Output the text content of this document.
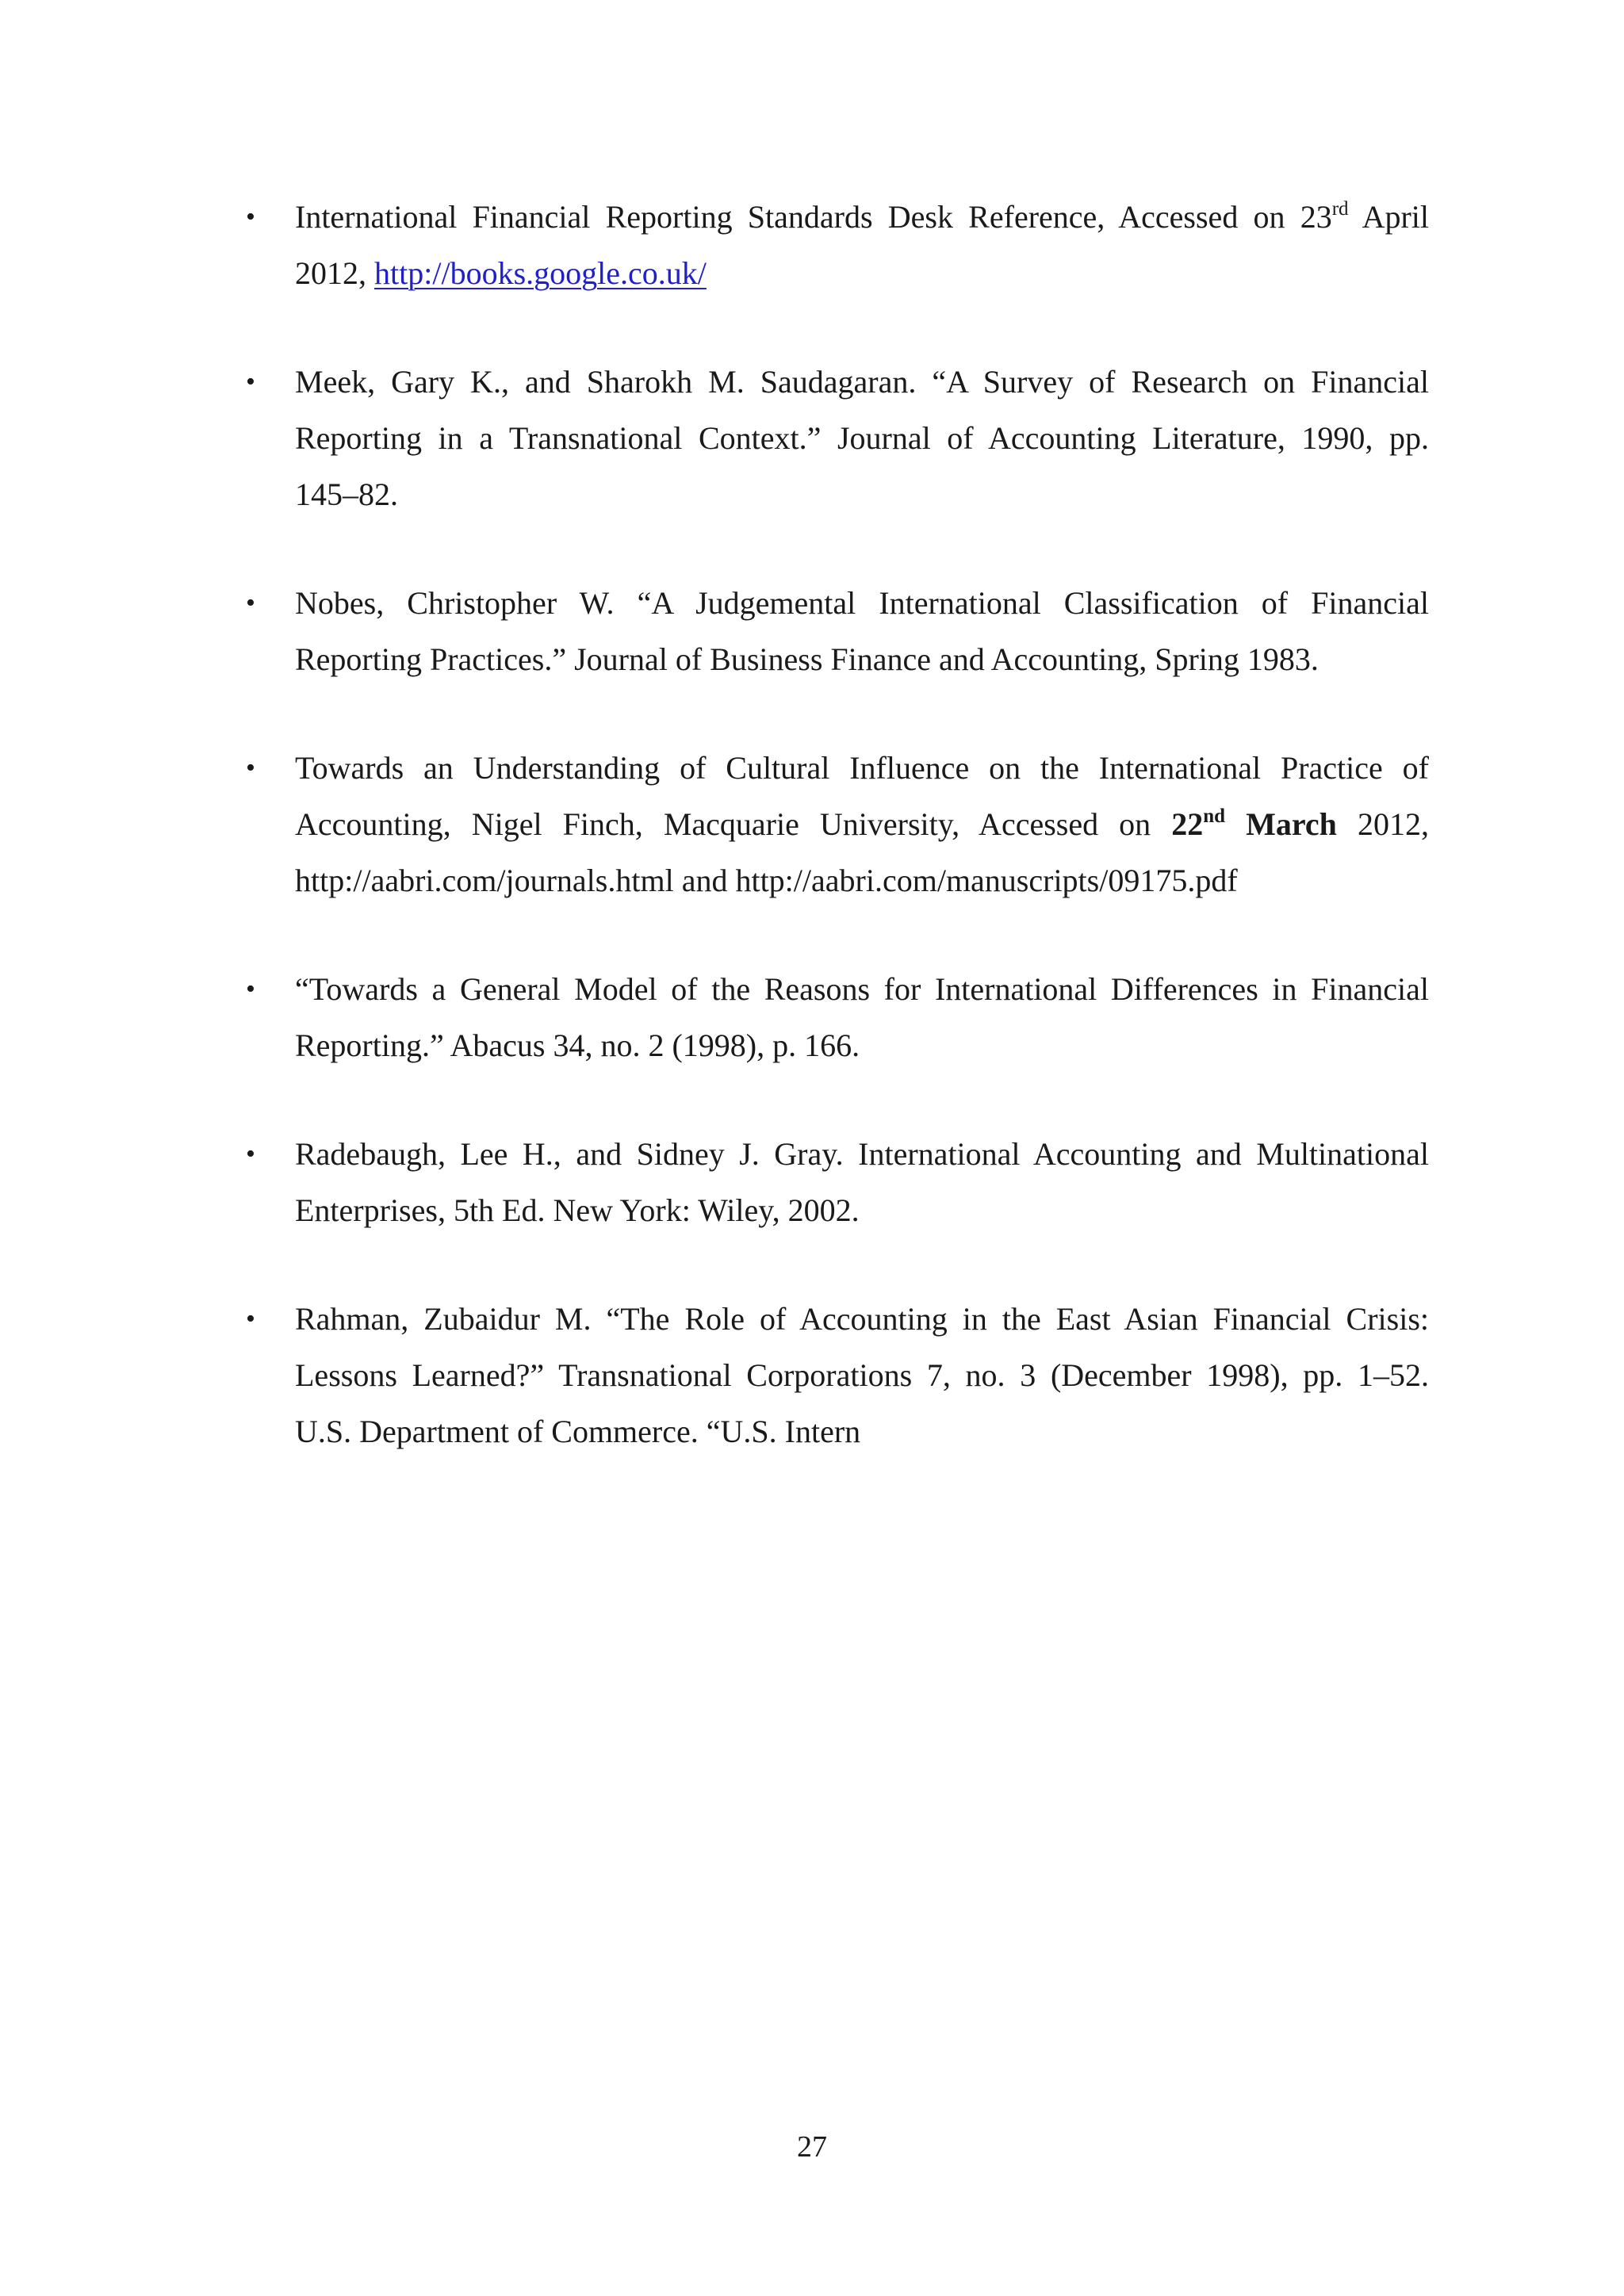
• International Financial Reporting Standards Desk Reference, Accessed on 23rd April
2012, http://books.google.co.uk/
• Meek, Gary K., and Sharokh M. Saudagaran. “A Survey of Research on Financial
Reporting in a Transnational Context.” Journal of Accounting Literature, 1990, pp.
145–82.
• Nobes, Christopher W. “A Judgemental International Classification of Financial
Reporting Practices.” Journal of Business Finance and Accounting, Spring 1983.
• Towards an Understanding of Cultural Influence on the International Practice of
Accounting, Nigel Finch, Macquarie University, Accessed on 22nd March 2012,
http://aabri.com/journals.html and http://aabri.com/manuscripts/09175.pdf
• “Towards a General Model of the Reasons for International Differences in Financial
Reporting.” Abacus 34, no. 2 (1998), p. 166.
• Radebaugh, Lee H., and Sidney J. Gray. International Accounting and Multinational
Enterprises, 5th Ed. New York: Wiley, 2002.
• Rahman, Zubaidur M. “The Role of Accounting in the East Asian Financial Crisis:
Lessons Learned?” Transnational Corporations 7, no. 3 (December 1998), pp. 1–52.
U.S. Department of Commerce. “U.S. Intern
27
